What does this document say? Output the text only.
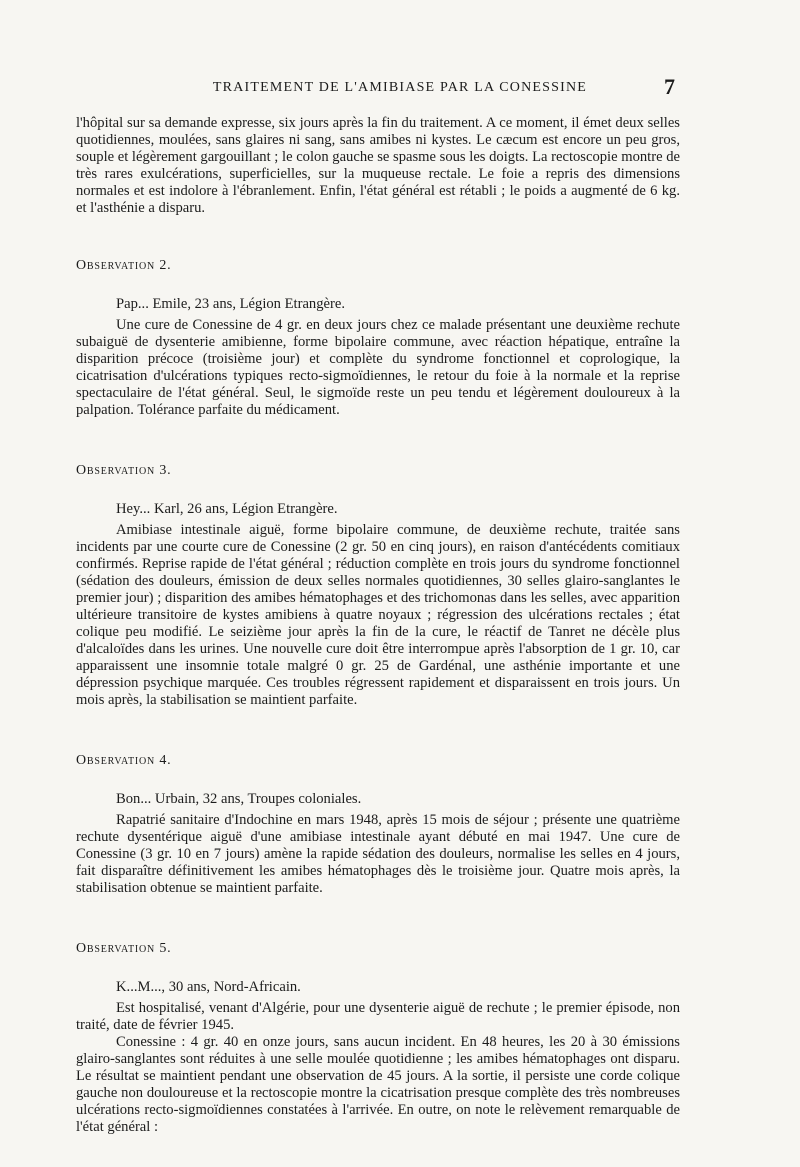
TRAITEMENT DE L'AMIBIASE PAR LA CONESSINE	7

l'hôpital sur sa demande expresse, six jours après la fin du traitement. A ce moment, il émet deux selles quotidiennes, moulées, sans glaires ni sang, sans amibes ni kystes. Le cæcum est encore un peu gros, souple et légèrement gargouillant ; le colon gauche se spasme sous les doigts. La rectoscopie montre de très rares exulcérations, superficielles, sur la muqueuse rectale. Le foie a repris des dimensions normales et est indolore à l'ébranlement. Enfin, l'état général est rétabli ; le poids a augmenté de 6 kg. et l'asthénie a disparu.

Observation 2.

Pap... Emile, 23 ans, Légion Etrangère.

Une cure de Conessine de 4 gr. en deux jours chez ce malade présentant une deuxième rechute subaiguë de dysenterie amibienne, forme bipolaire commune, avec réaction hépatique, entraîne la disparition précoce (troisième jour) et complète du syndrome fonctionnel et coprologique, la cicatrisation d'ulcérations typiques recto-sigmoïdiennes, le retour du foie à la normale et la reprise spectaculaire de l'état général. Seul, le sigmoïde reste un peu tendu et légèrement douloureux à la palpation. Tolérance parfaite du médicament.

Observation 3.

Hey... Karl, 26 ans, Légion Etrangère.

Amibiase intestinale aiguë, forme bipolaire commune, de deuxième rechute, traitée sans incidents par une courte cure de Conessine (2 gr. 50 en cinq jours), en raison d'antécédents comitiaux confirmés. Reprise rapide de l'état général ; réduction complète en trois jours du syndrome fonctionnel (sédation des douleurs, émission de deux selles normales quotidiennes, 30 selles glairo-sanglantes le premier jour) ; disparition des amibes hématophages et des trichomonas dans les selles, avec apparition ultérieure transitoire de kystes amibiens à quatre noyaux ; régression des ulcérations rectales ; état colique peu modifié. Le seizième jour après la fin de la cure, le réactif de Tanret ne décèle plus d'alcaloïdes dans les urines. Une nouvelle cure doit être interrompue après l'absorption de 1 gr. 10, car apparaissent une insomnie totale malgré 0 gr. 25 de Gardénal, une asthénie importante et une dépression psychique marquée. Ces troubles régressent rapidement et disparaissent en trois jours. Un mois après, la stabilisation se maintient parfaite.

Observation 4.

Bon... Urbain, 32 ans, Troupes coloniales.

Rapatrié sanitaire d'Indochine en mars 1948, après 15 mois de séjour ; présente une quatrième rechute dysentérique aiguë d'une amibiase intestinale ayant débuté en mai 1947. Une cure de Conessine (3 gr. 10 en 7 jours) amène la rapide sédation des douleurs, normalise les selles en 4 jours, fait disparaître définitivement les amibes hématophages dès le troisième jour. Quatre mois après, la stabilisation obtenue se maintient parfaite.

Observation 5.

K...M..., 30 ans, Nord-Africain.

Est hospitalisé, venant d'Algérie, pour une dysenterie aiguë de rechute ; le premier épisode, non traité, date de février 1945.

Conessine : 4 gr. 40 en onze jours, sans aucun incident. En 48 heures, les 20 à 30 émissions glairo-sanglantes sont réduites à une selle moulée quotidienne ; les amibes hématophages ont disparu. Le résultat se maintient pendant une observation de 45 jours. A la sortie, il persiste une corde colique gauche non douloureuse et la rectoscopie montre la cicatrisation presque complète des très nombreuses ulcérations recto-sigmoïdiennes constatées à l'arrivée. En outre, on note le relèvement remarquable de l'état général :
